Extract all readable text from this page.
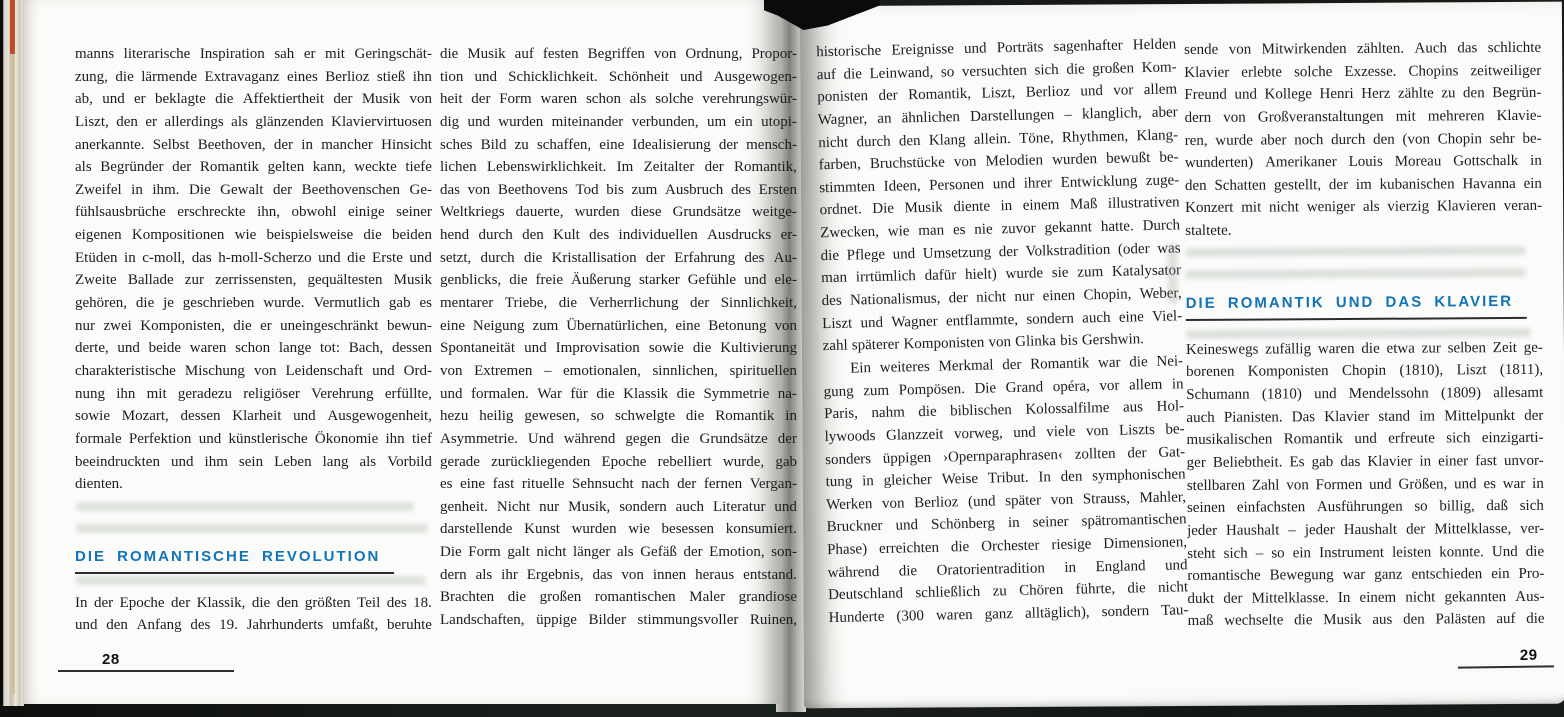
manns literarische Inspiration sah er mit Geringschät-
zung, die lärmende Extravaganz eines Berlioz stieß ihn
ab, und er beklagte die Affektiertheit der Musik von
Liszt, den er allerdings als glänzenden Klaviervirtuosen
anerkannte. Selbst Beethoven, der in mancher Hinsicht
als Begründer der Romantik gelten kann, weckte tiefe
Zweifel in ihm. Die Gewalt der Beethovenschen Ge-
fühlsausbrüche erschreckte ihn, obwohl einige seiner
eigenen Kompositionen wie beispielsweise die beiden
Etüden in c-moll, das h-moll-Scherzo und die Erste und
Zweite Ballade zur zerrissensten, gequältesten Musik
gehören, die je geschrieben wurde. Vermutlich gab es
nur zwei Komponisten, die er uneingeschränkt bewun-
derte, und beide waren schon lange tot: Bach, dessen
charakteristische Mischung von Leidenschaft und Ord-
nung ihn mit geradezu religiöser Verehrung erfüllte,
sowie Mozart, dessen Klarheit und Ausgewogenheit,
formale Perfektion und künstlerische Ökonomie ihn tief
beeindruckten und ihm sein Leben lang als Vorbild
dienten.
DIE ROMANTISCHE REVOLUTION
In der Epoche der Klassik, die den größten Teil des 18.
und den Anfang des 19. Jahrhunderts umfaßt, beruhte
die Musik auf festen Begriffen von Ordnung, Propor-
tion und Schicklichkeit. Schönheit und Ausgewogen-
heit der Form waren schon als solche verehrungswür-
dig und wurden miteinander verbunden, um ein utopi-
sches Bild zu schaffen, eine Idealisierung der mensch-
lichen Lebenswirklichkeit. Im Zeitalter der Romantik,
das von Beethovens Tod bis zum Ausbruch des Ersten
Weltkriegs dauerte, wurden diese Grundsätze weitge-
hend durch den Kult des individuellen Ausdrucks er-
setzt, durch die Kristallisation der Erfahrung des Au-
genblicks, die freie Äußerung starker Gefühle und ele-
mentarer Triebe, die Verherrlichung der Sinnlichkeit,
eine Neigung zum Übernatürlichen, eine Betonung von
Spontaneität und Improvisation sowie die Kultivierung
von Extremen – emotionalen, sinnlichen, spirituellen
und formalen. War für die Klassik die Symmetrie na-
hezu heilig gewesen, so schwelgte die Romantik in
Asymmetrie. Und während gegen die Grundsätze der
gerade zurückliegenden Epoche rebelliert wurde, gab
es eine fast rituelle Sehnsucht nach der fernen Vergan-
genheit. Nicht nur Musik, sondern auch Literatur und
darstellende Kunst wurden wie besessen konsumiert.
Die Form galt nicht länger als Gefäß der Emotion, son-
dern als ihr Ergebnis, das von innen heraus entstand.
Brachten die großen romantischen Maler grandiose
Landschaften, üppige Bilder stimmungsvoller Ruinen,
28
historische Ereignisse und Porträts sagenhafter Helden
auf die Leinwand, so versuchten sich die großen Kom-
ponisten der Romantik, Liszt, Berlioz und vor allem
Wagner, an ähnlichen Darstellungen – klanglich, aber
nicht durch den Klang allein. Töne, Rhythmen, Klang-
farben, Bruchstücke von Melodien wurden bewußt be-
stimmten Ideen, Personen und ihrer Entwicklung zuge-
ordnet. Die Musik diente in einem Maß illustrativen
Zwecken, wie man es nie zuvor gekannt hatte. Durch
die Pflege und Umsetzung der Volkstradition (oder was
man irrtümlich dafür hielt) wurde sie zum Katalysator
des Nationalismus, der nicht nur einen Chopin, Weber,
Liszt und Wagner entflammte, sondern auch eine Viel-
zahl späterer Komponisten von Glinka bis Gershwin.
Ein weiteres Merkmal der Romantik war die Nei-
gung zum Pompösen. Die Grand opéra, vor allem in
Paris, nahm die biblischen Kolossalfilme aus Hol-
lywoods Glanzzeit vorweg, und viele von Liszts be-
sonders üppigen ›Opernparaphrasen‹ zollten der Gat-
tung in gleicher Weise Tribut. In den symphonischen
Werken von Berlioz (und später von Strauss, Mahler,
Bruckner und Schönberg in seiner spätromantischen
Phase) erreichten die Orchester riesige Dimensionen,
während die Oratorientradition in England und
Deutschland schließlich zu Chören führte, die nicht
Hunderte (300 waren ganz alltäglich), sondern Tau-
sende von Mitwirkenden zählten. Auch das schlichte
Klavier erlebte solche Exzesse. Chopins zeitweiliger
Freund und Kollege Henri Herz zählte zu den Begrün-
dern von Großveranstaltungen mit mehreren Klavie-
ren, wurde aber noch durch den (von Chopin sehr be-
wunderten) Amerikaner Louis Moreau Gottschalk in
den Schatten gestellt, der im kubanischen Havanna ein
Konzert mit nicht weniger als vierzig Klavieren veran-
staltete.
DIE ROMANTIK UND DAS KLAVIER
Keineswegs zufällig waren die etwa zur selben Zeit ge-
borenen Komponisten Chopin (1810), Liszt (1811),
Schumann (1810) und Mendelssohn (1809) allesamt
auch Pianisten. Das Klavier stand im Mittelpunkt der
musikalischen Romantik und erfreute sich einzigarti-
ger Beliebtheit. Es gab das Klavier in einer fast unvor-
stellbaren Zahl von Formen und Größen, und es war in
seinen einfachsten Ausführungen so billig, daß sich
jeder Haushalt – jeder Haushalt der Mittelklasse, ver-
steht sich – so ein Instrument leisten konnte. Und die
romantische Bewegung war ganz entschieden ein Pro-
dukt der Mittelklasse. In einem nicht gekannten Aus-
maß wechselte die Musik aus den Palästen auf die
29
